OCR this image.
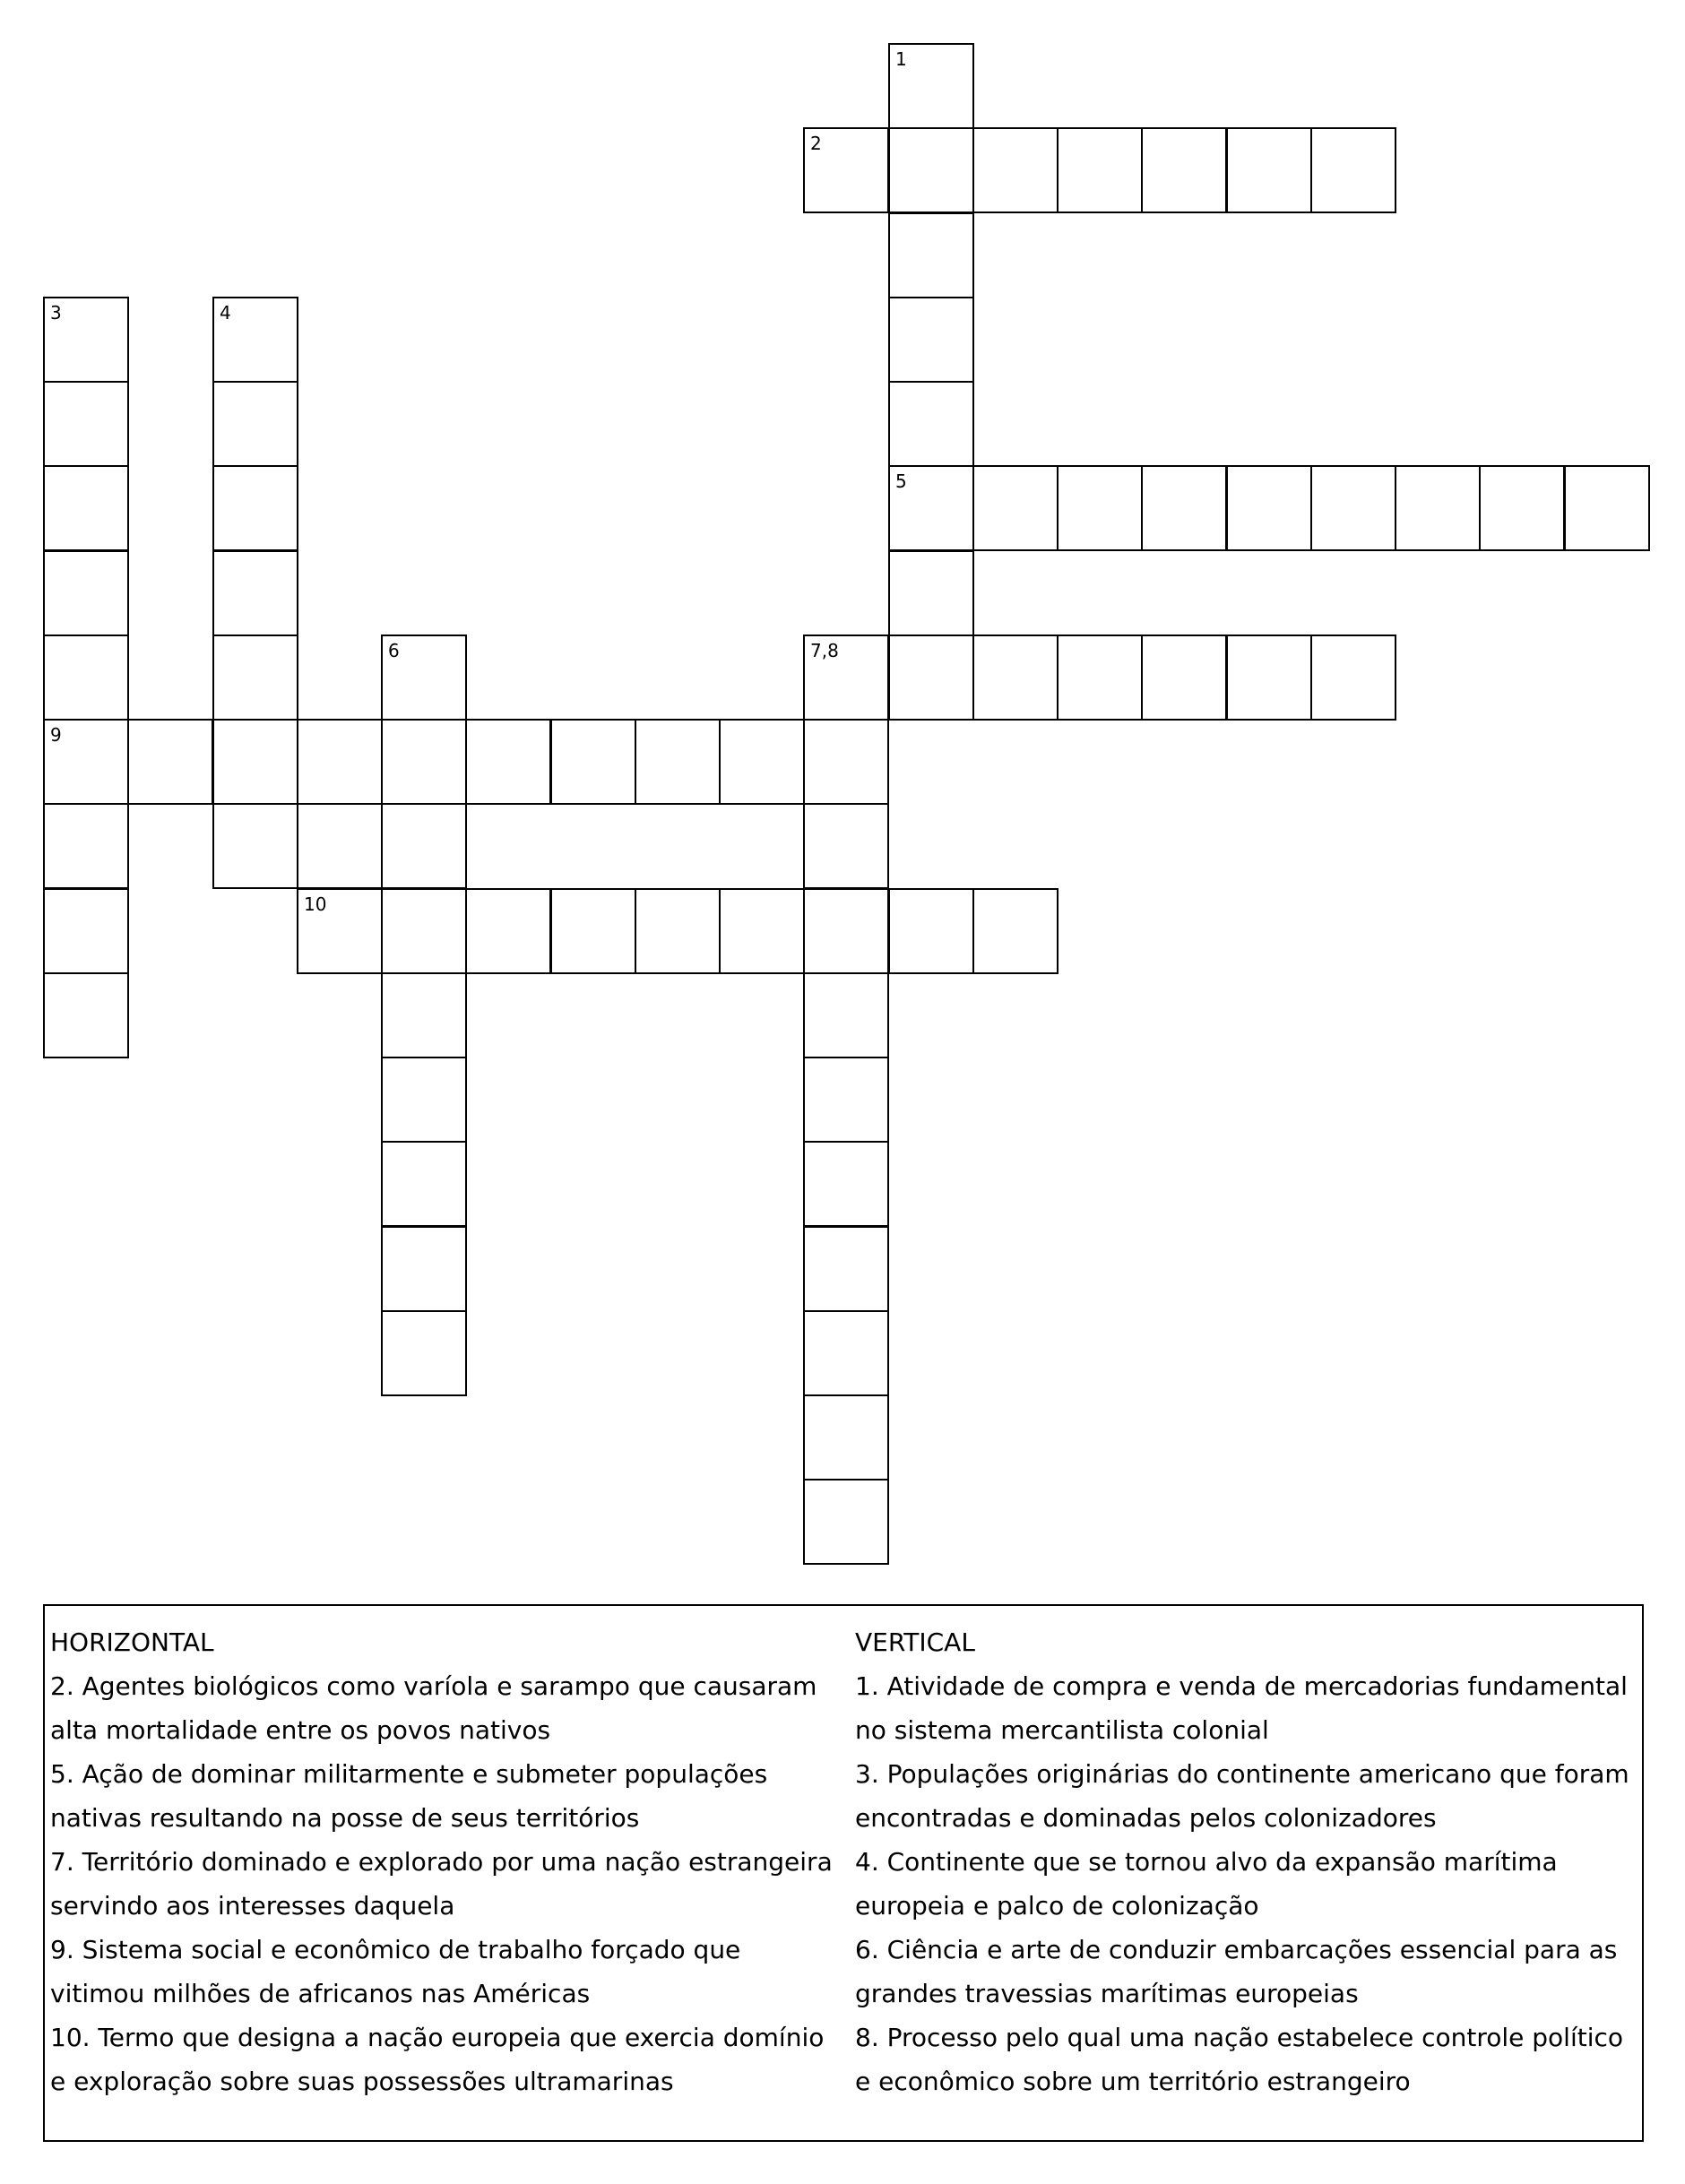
1
5
2
3
9
4
6	7,8
10

HORIZONTAL

2. Agentes biológicos como varíola e sarampo que causaram alta mortalidade entre os povos nativos

5. Ação de dominar militarmente e submeter populações nativas resultando na posse de seus territórios

7. Território dominado e explorado por uma nação estrangeira servindo aos interesses daquela

9. Sistema social e econômico de trabalho forçado que vitimou milhões de africanos nas Américas

10. Termo que designa a nação europeia que exercia domínio e exploração sobre suas possessões ultramarinas

VERTICAL

1. Atividade de compra e venda de mercadorias fundamental no sistema mercantilista colonial

3. Populações originárias do continente americano que foram encontradas e dominadas pelos colonizadores

4. Continente que se tornou alvo da expansão marítima europeia e palco de colonização

6. Ciência e arte de conduzir embarcações essencial para as grandes travessias marítimas europeias

8. Processo pelo qual uma nação estabelece controle político e econômico sobre um território estrangeiro
